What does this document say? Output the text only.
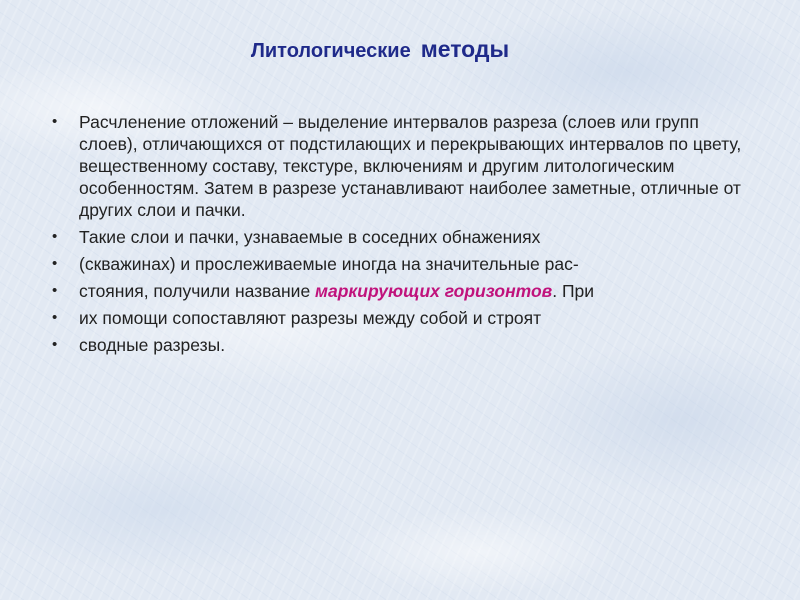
Литологические методы
• Расчленение отложений – выделение интервалов разреза (слоев или групп слоев), отличающихся от подстилающих и перекрывающих интервалов по цвету, вещественному составу, текстуре, включениям и другим литологическим особенностям. Затем в разрезе устанавливают наиболее заметные, отличные от других слои и пачки.
• Такие слои и пачки, узнаваемые в соседних обнажениях
• (скважинах) и прослеживаемые иногда на значительные рас-
• стояния, получили название маркирующих горизонтов. При
• их помощи сопоставляют разрезы между собой и строят
• сводные разрезы.
